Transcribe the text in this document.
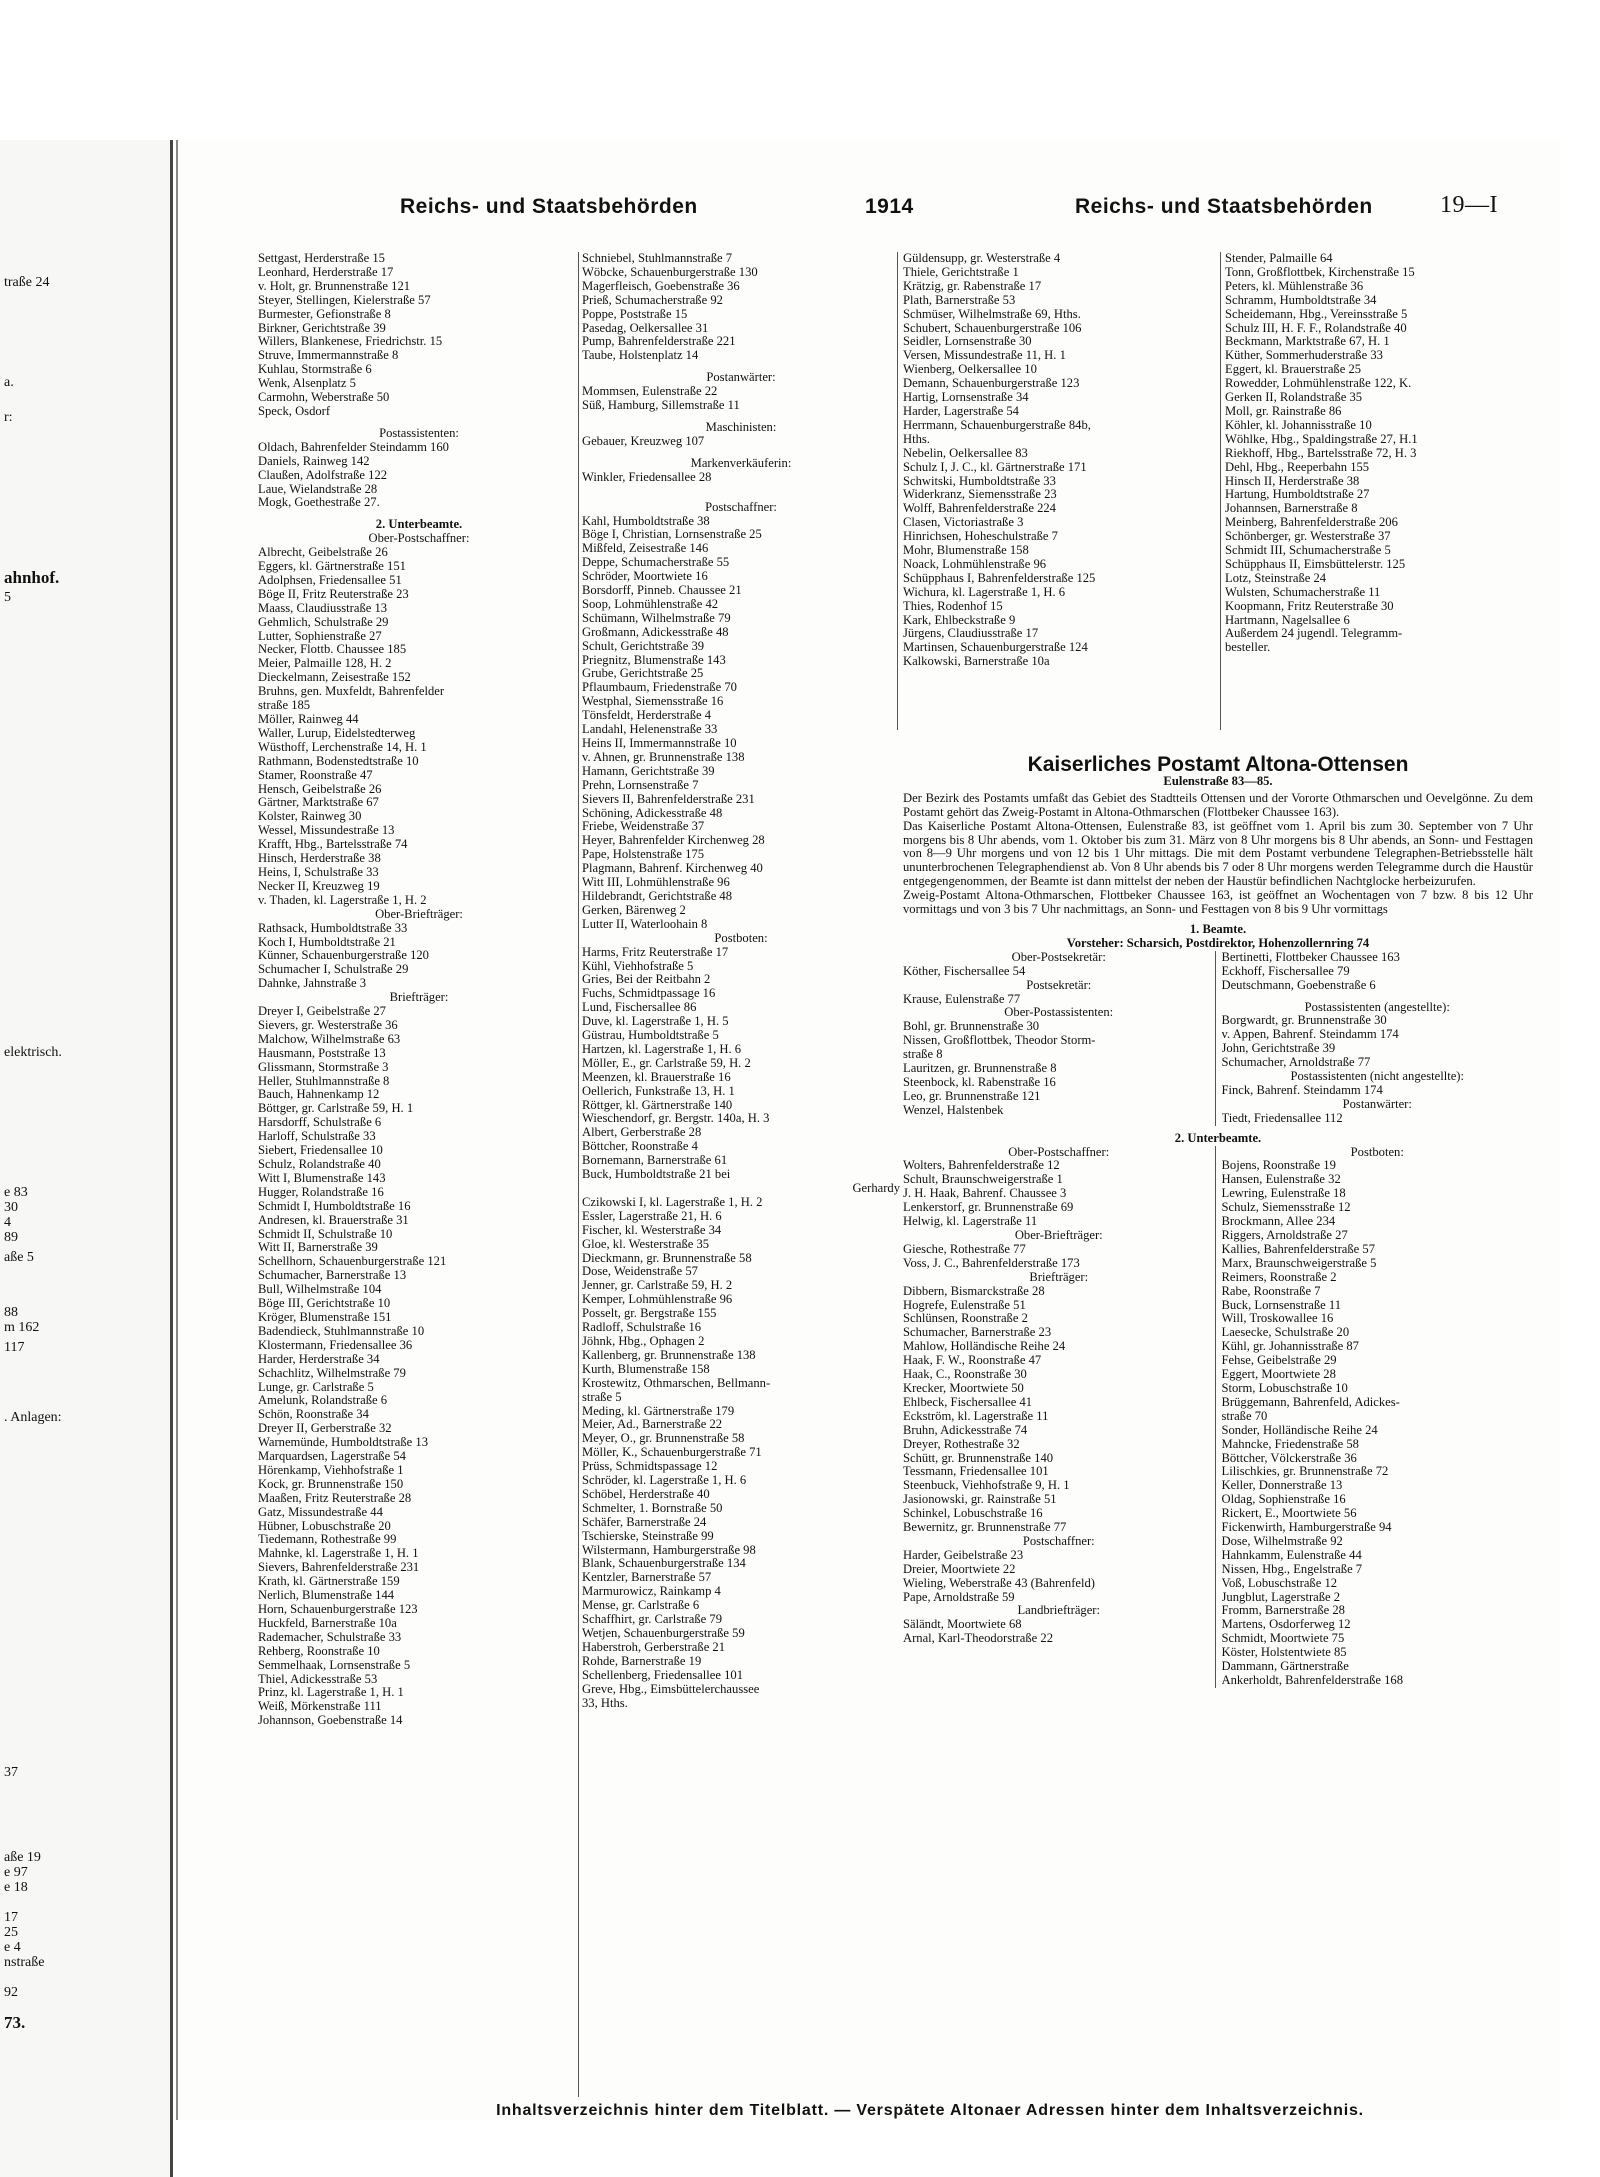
traße 24
a.
r:
ahnhof.
5
elektrisch.
e 83
30
4
89
aße 5
88
m 162
117
. Anlagen:
37
aße 19
e 97
e 18
17
25
e 4
nstraße
92
73.
Reichs- und Staatsbehörden	1914	Reichs- und Staatsbehörden	19—I
Settgast, Herderstraße 15
Leonhard, Herderstraße 17
v. Holt, gr. Brunnenstraße 121
Steyer, Stellingen, Kielerstraße 57
Burmester, Gefionstraße 8
Birkner, Gerichtstraße 39
Willers, Blankenese, Friedrichstr. 15
Struve, Immermannstraße 8
Kuhlau, Stormstraße 6
Wenk, Alsenplatz 5
Carmohn, Weberstraße 50
Speck, Osdorf
Postassistenten:
Oldach, Bahrenfelder Steindamm 160
Daniels, Rainweg 142
Claußen, Adolfstraße 122
Laue, Wielandstraße 28
Mogk, Goethestraße 27.
2. Unterbeamte.
Ober-Postschaffner:
Albrecht, Geibelstraße 26
Eggers, kl. Gärtnerstraße 151
Adolphsen, Friedensallee 51
Böge II, Fritz Reuterstraße 23
Maass, Claudiusstraße 13
Gehmlich, Schulstraße 29
Lutter, Sophienstraße 27
Necker, Flottb. Chaussee 185
Meier, Palmaille 128, H. 2
Dieckelmann, Zeisestraße 152
Bruhns, gen. Muxfeldt, Bahrenfelder
straße 185
Möller, Rainweg 44
Waller, Lurup, Eidelstedterweg
Wüsthoff, Lerchenstraße 14, H. 1
Rathmann, Bodenstedtstraße 10
Stamer, Roonstraße 47
Hensch, Geibelstraße 26
Gärtner, Marktstraße 67
Kolster, Rainweg 30
Wessel, Missundestraße 13
Krafft, Hbg., Bartelsstraße 74
Hinsch, Herderstraße 38
Heins, I, Schulstraße 33
Necker II, Kreuzweg 19
v. Thaden, kl. Lagerstraße 1, H. 2
Ober-Briefträger:
Rathsack, Humboldtstraße 33
Koch I, Humboldtstraße 21
Künner, Schauenburgerstraße 120
Schumacher I, Schulstraße 29
Dahnke, Jahnstraße 3
Briefträger:
Dreyer I, Geibelstraße 27
Sievers, gr. Westerstraße 36
Malchow, Wilhelmstraße 63
Hausmann, Poststraße 13
Glissmann, Stormstraße 3
Heller, Stuhlmannstraße 8
Bauch, Hahnenkamp 12
Böttger, gr. Carlstraße 59, H. 1
Harsdorff, Schulstraße 6
Harloff, Schulstraße 33
Siebert, Friedensallee 10
Schulz, Rolandstraße 40
Witt I, Blumenstraße 143
Hugger, Rolandstraße 16
Schmidt I, Humboldtstraße 16
Andresen, kl. Brauerstraße 31
Schmidt II, Schulstraße 10
Witt II, Barnerstraße 39
Schellhorn, Schauenburgerstraße 121
Schumacher, Barnerstraße 13
Bull, Wilhelmstraße 104
Böge III, Gerichtstraße 10
Kröger, Blumenstraße 151
Badendieck, Stuhlmannstraße 10
Klostermann, Friedensallee 36
Harder, Herderstraße 34
Schachlitz, Wilhelmstraße 79
Lunge, gr. Carlstraße 5
Amelunk, Rolandstraße 6
Schön, Roonstraße 34
Dreyer II, Gerberstraße 32
Warnemünde, Humboldtstraße 13
Marquardsen, Lagerstraße 54
Hörenkamp, Viehhofstraße 1
Kock, gr. Brunnenstraße 150
Maaßen, Fritz Reuterstraße 28
Gatz, Missundestraße 44
Hübner, Lobuschstraße 20
Tiedemann, Rothestraße 99
Mahnke, kl. Lagerstraße 1, H. 1
Sievers, Bahrenfelderstraße 231
Krath, kl. Gärtnerstraße 159
Nerlich, Blumenstraße 144
Horn, Schauenburgerstraße 123
Huckfeld, Barnerstraße 10a
Rademacher, Schulstraße 33
Rehberg, Roonstraße 10
Semmelhaak, Lornsenstraße 5
Thiel, Adickesstraße 53
Prinz, kl. Lagerstraße 1, H. 1
Weiß, Mörkenstraße 111
Johannson, Goebenstraße 14
Schniebel, Stuhlmannstraße 7
Wöbcke, Schauenburgerstraße 130
Magerfleisch, Goebenstraße 36
Prieß, Schumacherstraße 92
Poppe, Poststraße 15
Pasedag, Oelkersallee 31
Pump, Bahrenfelderstraße 221
Taube, Holstenplatz 14
Postanwärter:
Mommsen, Eulenstraße 22
Süß, Hamburg, Sillemstraße 11
Maschinisten:
Gebauer, Kreuzweg 107
Markenverkäuferin:
Winkler, Friedensallee 28
Postschaffner:
Kahl, Humboldtstraße 38
Böge I, Christian, Lornsenstraße 25
Mißfeld, Zeisestraße 146
Deppe, Schumacherstraße 55
Schröder, Moortwiete 16
Borsdorff, Pinneb. Chaussee 21
Soop, Lohmühlenstraße 42
Schümann, Wilhelmstraße 79
Großmann, Adickesstraße 48
Schult, Gerichtstraße 39
Priegnitz, Blumenstraße 143
Grube, Gerichtstraße 25
Pflaumbaum, Friedenstraße 70
Westphal, Siemensstraße 16
Tönsfeldt, Herderstraße 4
Landahl, Helenenstraße 33
Heins II, Immermannstraße 10
v. Ahnen, gr. Brunnenstraße 138
Hamann, Gerichtstraße 39
Prehn, Lornsenstraße 7
Sievers II, Bahrenfelderstraße 231
Schöning, Adickesstraße 48
Friebe, Weidenstraße 37
Heyer, Bahrenfelder Kirchenweg 28
Pape, Holstenstraße 175
Plagmann, Bahrenf. Kirchenweg 40
Witt III, Lohmühlenstraße 96
Hildebrandt, Gerichtstraße 48
Gerken, Bärenweg 2
Lutter II, Waterloohain 8
Postboten:
Harms, Fritz Reuterstraße 17
Kühl, Viehhofstraße 5
Gries, Bei der Reitbahn 2
Fuchs, Schmidtpassage 16
Lund, Fischersallee 86
Duve, kl. Lagerstraße 1, H. 5
Güstrau, Humboldtstraße 5
Hartzen, kl. Lagerstraße 1, H. 6
Möller, E., gr. Carlstraße 59, H. 2
Meenzen, kl. Brauerstraße 16
Oellerich, Funkstraße 13, H. 1
Röttger, kl. Gärtnerstraße 140
Wieschendorf, gr. Bergstr. 140a, H. 3
Albert, Gerberstraße 28
Böttcher, Roonstraße 4
Bornemann, Barnerstraße 61
Buck, Humboldtstraße 21 bei
Gerhardy
Czikowski I, kl. Lagerstraße 1, H. 2
Essler, Lagerstraße 21, H. 6
Fischer, kl. Westerstraße 34
Gloe, kl. Westerstraße 35
Dieckmann, gr. Brunnenstraße 58
Dose, Weidenstraße 57
Jenner, gr. Carlstraße 59, H. 2
Kemper, Lohmühlenstraße 96
Posselt, gr. Bergstraße 155
Radloff, Schulstraße 16
Jöhnk, Hbg., Ophagen 2
Kallenberg, gr. Brunnenstraße 138
Kurth, Blumenstraße 158
Krostewitz, Othmarschen, Bellmann-
straße 5
Meding, kl. Gärtnerstraße 179
Meier, Ad., Barnerstraße 22
Meyer, O., gr. Brunnenstraße 58
Möller, K., Schauenburgerstraße 71
Prüss, Schmidtspassage 12
Schröder, kl. Lagerstraße 1, H. 6
Schöbel, Herderstraße 40
Schmelter, 1. Bornstraße 50
Schäfer, Barnerstraße 24
Tschierske, Steinstraße 99
Wilstermann, Hamburgerstraße 98
Blank, Schauenburgerstraße 134
Kentzler, Barnerstraße 57
Marmurowicz, Rainkamp 4
Mense, gr. Carlstraße 6
Schaffhirt, gr. Carlstraße 79
Wetjen, Schauenburgerstraße 59
Haberstroh, Gerberstraße 21
Rohde, Barnerstraße 19
Schellenberg, Friedensallee 101
Greve, Hbg., Eimsbüttelerchaussee
33, Hths.
Güldensupp, gr. Westerstraße 4
Thiele, Gerichtstraße 1
Krätzig, gr. Rabenstraße 17
Plath, Barnerstraße 53
Schmüser, Wilhelmstraße 69, Hths.
Schubert, Schauenburgerstraße 106
Seidler, Lornsenstraße 30
Versen, Missundestraße 11, H. 1
Wienberg, Oelkersallee 10
Demann, Schauenburgerstraße 123
Hartig, Lornsenstraße 34
Harder, Lagerstraße 54
Herrmann, Schauenburgerstraße 84b,
Hths.
Nebelin, Oelkersallee 83
Schulz I, J. C., kl. Gärtnerstraße 171
Schwitski, Humboldtstraße 33
Widerkranz, Siemensstraße 23
Wolff, Bahrenfelderstraße 224
Clasen, Victoriastraße 3
Hinrichsen, Hoheschulstraße 7
Mohr, Blumenstraße 158
Noack, Lohmühlenstraße 96
Schüpphaus I, Bahrenfelderstraße 125
Wichura, kl. Lagerstraße 1, H. 6
Thies, Rodenhof 15
Kark, Ehlbeckstraße 9
Jürgens, Claudiusstraße 17
Martinsen, Schauenburgerstraße 124
Kalkowski, Barnerstraße 10a
Stender, Palmaille 64
Tonn, Großflottbek, Kirchenstraße 15
Peters, kl. Mühlenstraße 36
Schramm, Humboldtstraße 34
Scheidemann, Hbg., Vereinsstraße 5
Schulz III, H. F. F., Rolandstraße 40
Beckmann, Marktstraße 67, H. 1
Küther, Sommerhuderstraße 33
Eggert, kl. Brauerstraße 25
Rowedder, Lohmühlenstraße 122, K.
Gerken II, Rolandstraße 35
Moll, gr. Rainstraße 86
Köhler, kl. Johannisstraße 10
Wöhlke, Hbg., Spaldingstraße 27, H.1
Riekhoff, Hbg., Bartelsstraße 72, H. 3
Dehl, Hbg., Reeperbahn 155
Hinsch II, Herderstraße 38
Hartung, Humboldtstraße 27
Johannsen, Barnerstraße 8
Meinberg, Bahrenfelderstraße 206
Schönberger, gr. Westerstraße 37
Schmidt III, Schumacherstraße 5
Schüpphaus II, Eimsbüttelerstr. 125
Lotz, Steinstraße 24
Wulsten, Schumacherstraße 11
Koopmann, Fritz Reuterstraße 30
Hartmann, Nagelsallee 6
Außerdem 24 jugendl. Telegramm-
besteller.
Kaiserliches Postamt Altona-Ottensen
Eulenstraße 83—85.
Der Bezirk des Postamts umfaßt das Gebiet des Stadtteils Ottensen und der Vororte Othmarschen und Oevelgönne. Zu dem Postamt gehört das Zweig-Postamt in Altona-Othmarschen (Flottbeker Chaussee 163).
Das Kaiserliche Postamt Altona-Ottensen, Eulenstraße 83, ist geöffnet vom 1. April bis zum 30. September von 7 Uhr morgens bis 8 Uhr abends, vom 1. Oktober bis zum 31. März von 8 Uhr morgens bis 8 Uhr abends, an Sonn- und Festtagen von 8—9 Uhr morgens und von 12 bis 1 Uhr mittags. Die mit dem Postamt verbundene Telegraphen-Betriebsstelle hält ununterbrochenen Telegraphendienst ab. Von 8 Uhr abends bis 7 oder 8 Uhr morgens werden Telegramme durch die Haustür entgegengenommen, der Beamte ist dann mittelst der neben der Haustür befindlichen Nachtglocke herbeizurufen.
Zweig-Postamt Altona-Othmarschen, Flottbeker Chaussee 163, ist geöffnet an Wochentagen von 7 bzw. 8 bis 12 Uhr vormittags und von 3 bis 7 Uhr nachmittags, an Sonn- und Festtagen von 8 bis 9 Uhr vormittags
1. Beamte.
Vorsteher: Scharsich, Postdirektor, Hohenzollernring 74
Ober-Postsekretär:
Köther, Fischersallee 54
Postsekretär:
Krause, Eulenstraße 77
Ober-Postassistenten:
Bohl, gr. Brunnenstraße 30
Nissen, Großflottbek, Theodor Storm-
straße 8
Lauritzen, gr. Brunnenstraße 8
Steenbock, kl. Rabenstraße 16
Leo, gr. Brunnenstraße 121
Wenzel, Halstenbek
Bertinetti, Flottbeker Chaussee 163
Eckhoff, Fischersallee 79
Deutschmann, Goebenstraße 6
Postassistenten (angestellte):
Borgwardt, gr. Brunnenstraße 30
v. Appen, Bahrenf. Steindamm 174
John, Gerichtstraße 39
Schumacher, Arnoldstraße 77
Postassistenten (nicht angestellte):
Finck, Bahrenf. Steindamm 174
Postanwärter:
Tiedt, Friedensallee 112
2. Unterbeamte.
Ober-Postschaffner:
Wolters, Bahrenfelderstraße 12
Schult, Braunschweigerstraße 1
J. H. Haak, Bahrenf. Chaussee 3
Lenkerstorf, gr. Brunnenstraße 69
Helwig, kl. Lagerstraße 11
Ober-Briefträger:
Giesche, Rothestraße 77
Voss, J. C., Bahrenfelderstraße 173
Briefträger:
Dibbern, Bismarckstraße 28
Hogrefe, Eulenstraße 51
Schlünsen, Roonstraße 2
Schumacher, Barnerstraße 23
Mahlow, Holländische Reihe 24
Haak, F. W., Roonstraße 47
Haak, C., Roonstraße 30
Krecker, Moortwiete 50
Ehlbeck, Fischersallee 41
Eckström, kl. Lagerstraße 11
Bruhn, Adickesstraße 74
Dreyer, Rothestraße 32
Schütt, gr. Brunnenstraße 140
Tessmann, Friedensallee 101
Steenbuck, Viehhofstraße 9, H. 1
Jasionowski, gr. Rainstraße 51
Schinkel, Lobuschstraße 16
Bewernitz, gr. Brunnenstraße 77
Postschaffner:
Harder, Geibelstraße 23
Dreier, Moortwiete 22
Wieling, Weberstraße 43 (Bahrenfeld)
Pape, Arnoldstraße 59
Landbriefträger:
Säländt, Moortwiete 68
Arnal, Karl-Theodorstraße 22
Postboten:
Bojens, Roonstraße 19
Hansen, Eulenstraße 32
Lewring, Eulenstraße 18
Schulz, Siemensstraße 12
Brockmann, Allee 234
Riggers, Arnoldstraße 27
Kallies, Bahrenfelderstraße 57
Marx, Braunschweigerstraße 5
Reimers, Roonstraße 2
Rabe, Roonstraße 7
Buck, Lornsenstraße 11
Will, Troskowallee 16
Laesecke, Schulstraße 20
Kühl, gr. Johannisstraße 87
Fehse, Geibelstraße 29
Eggert, Moortwiete 28
Storm, Lobuschstraße 10
Brüggemann, Bahrenfeld, Adickes-
straße 70
Sonder, Holländische Reihe 24
Mahncke, Friedenstraße 58
Böttcher, Völckerstraße 36
Lilischkies, gr. Brunnenstraße 72
Keller, Donnerstraße 13
Oldag, Sophienstraße 16
Rickert, E., Moortwiete 56
Fickenwirth, Hamburgerstraße 94
Dose, Wilhelmstraße 92
Hahnkamm, Eulenstraße 44
Nissen, Hbg., Engelstraße 7
Voß, Lobuschstraße 12
Jungblut, Lagerstraße 2
Fromm, Barnerstraße 28
Martens, Osdorferweg 12
Schmidt, Moortwiete 75
Köster, Holstentwiete 85
Dammann, Gärtnerstraße
Ankerholdt, Bahrenfelderstraße 168
Inhaltsverzeichnis hinter dem Titelblatt. — Verspätete Altonaer Adressen hinter dem Inhaltsverzeichnis.
